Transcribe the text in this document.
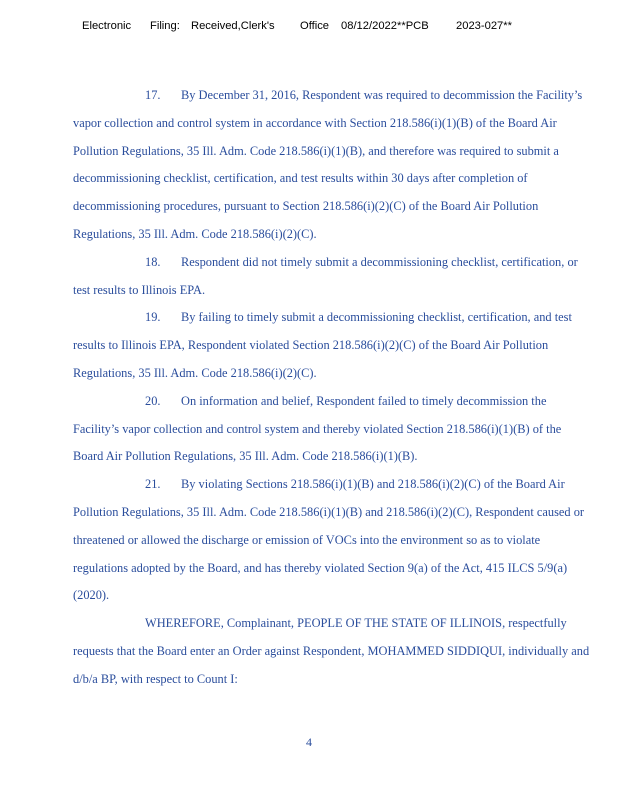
Electronic Filing: Received,Clerk's Office 08/12/2022**PCB 2023-027**

17. By December 31, 2016, Respondent was required to decommission the Facility’s vapor collection and control system in accordance with Section 218.586(i)(1)(B) of the Board Air Pollution Regulations, 35 Ill. Adm. Code 218.586(i)(1)(B), and therefore was required to submit a decommissioning checklist, certification, and test results within 30 days after completion of decommissioning procedures, pursuant to Section 218.586(i)(2)(C) of the Board Air Pollution Regulations, 35 Ill. Adm. Code 218.586(i)(2)(C).

18. Respondent did not timely submit a decommissioning checklist, certification, or test results to Illinois EPA.

19. By failing to timely submit a decommissioning checklist, certification, and test results to Illinois EPA, Respondent violated Section 218.586(i)(2)(C) of the Board Air Pollution Regulations, 35 Ill. Adm. Code 218.586(i)(2)(C).

20. On information and belief, Respondent failed to timely decommission the Facility’s vapor collection and control system and thereby violated Section 218.586(i)(1)(B) of the Board Air Pollution Regulations, 35 Ill. Adm. Code 218.586(i)(1)(B).

21. By violating Sections 218.586(i)(1)(B) and 218.586(i)(2)(C) of the Board Air Pollution Regulations, 35 Ill. Adm. Code 218.586(i)(1)(B) and 218.586(i)(2)(C), Respondent caused or threatened or allowed the discharge or emission of VOCs into the environment so as to violate regulations adopted by the Board, and has thereby violated Section 9(a) of the Act, 415 ILCS 5/9(a) (2020).

WHEREFORE, Complainant, PEOPLE OF THE STATE OF ILLINOIS, respectfully requests that the Board enter an Order against Respondent, MOHAMMED SIDDIQUI, individually and d/b/a BP, with respect to Count I:

4
